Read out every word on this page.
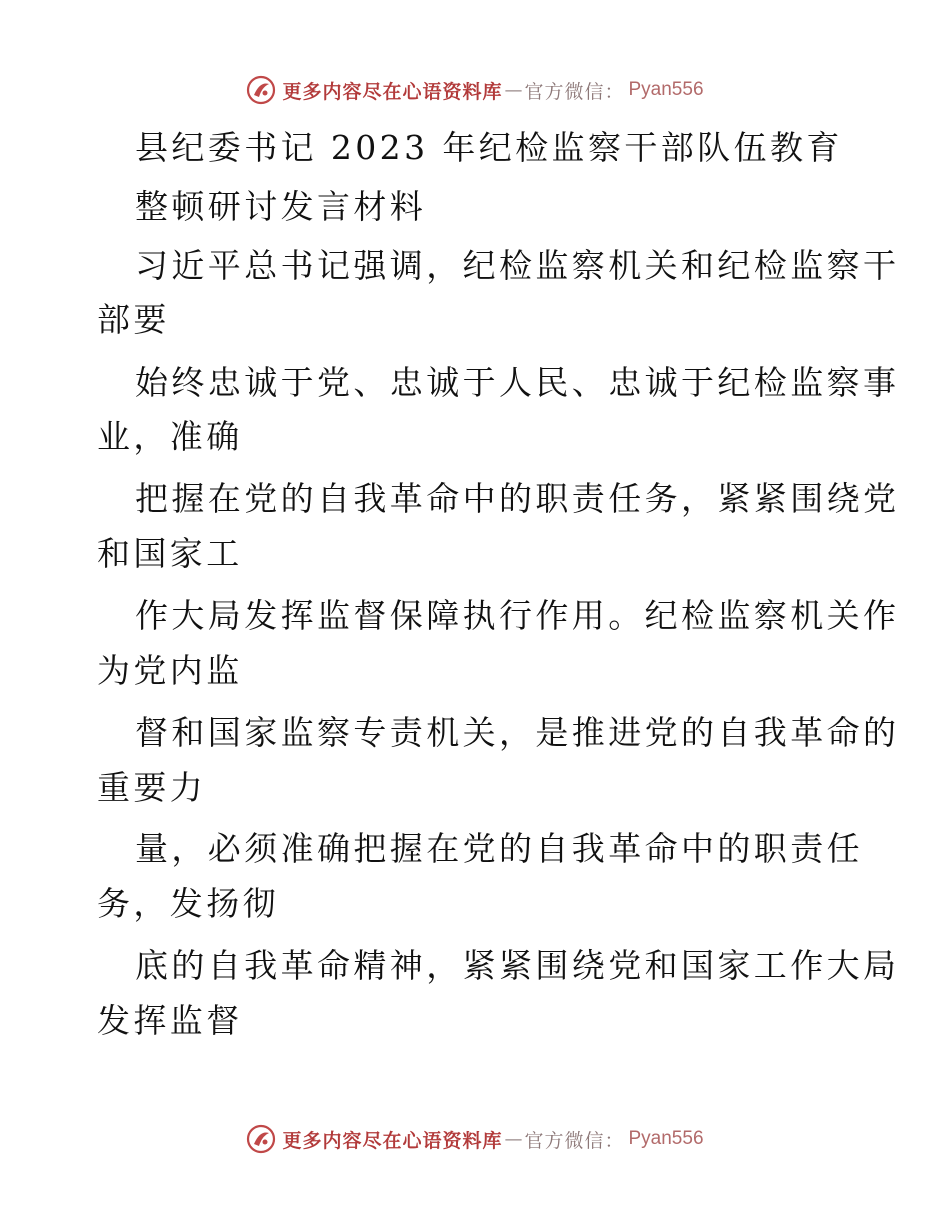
更多内容尽在心语资料库 — 官方微信： Pyan556
县纪委书记 2023 年纪检监察干部队伍教育
整顿研讨发言材料
习近平总书记强调，纪检监察机关和纪检监察干
部要
始终忠诚于党、忠诚于人民、忠诚于纪检监察事
业，准确
把握在党的自我革命中的职责任务，紧紧围绕党
和国家工
作大局发挥监督保障执行作用。纪检监察机关作
为党内监
督和国家监察专责机关，是推进党的自我革命的
重要力
量，必须准确把握在党的自我革命中的职责任
务，发扬彻
底的自我革命精神，紧紧围绕党和国家工作大局
发挥监督
更多内容尽在心语资料库 — 官方微信： Pyan556
